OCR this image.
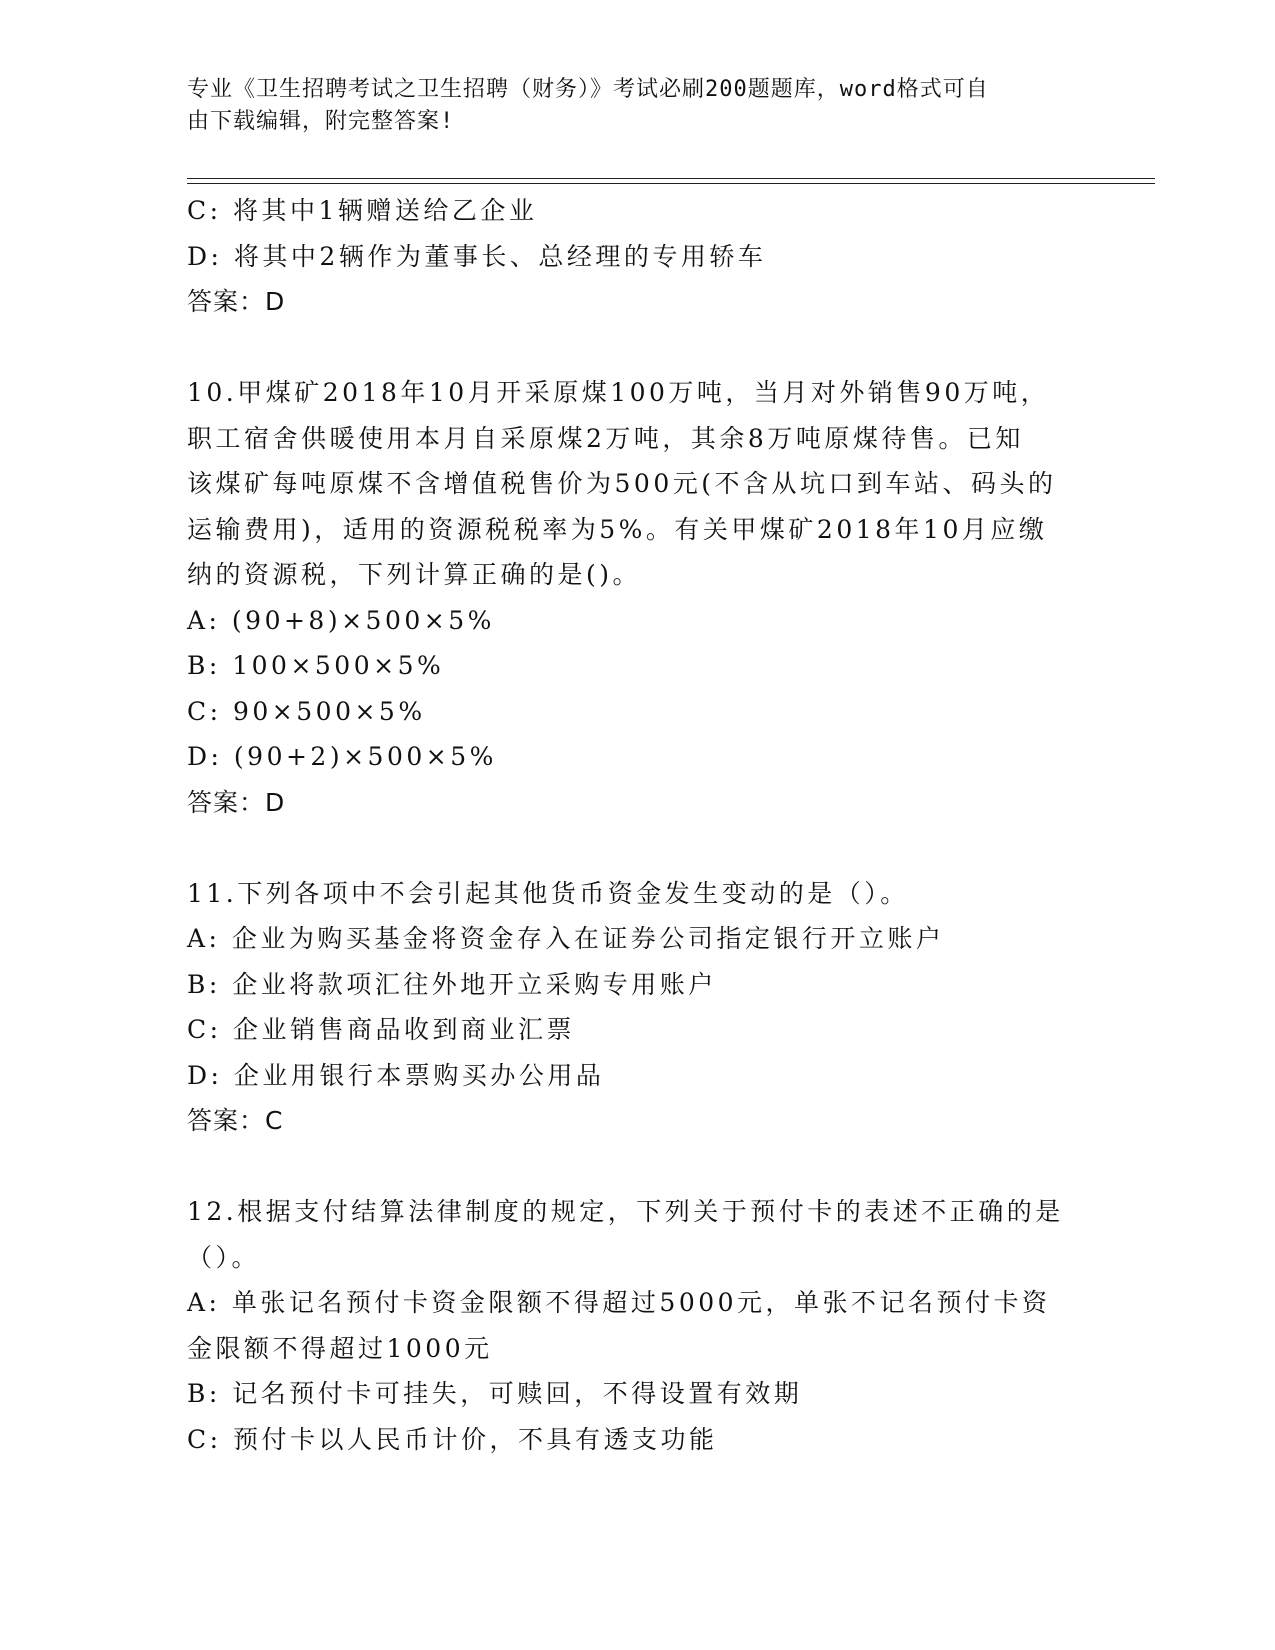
专业《卫生招聘考试之卫生招聘（财务）》考试必刷200题题库，word格式可自
由下载编辑，附完整答案!
C: 将其中1辆赠送给乙企业
D: 将其中2辆作为董事长、总经理的专用轿车
答案：D
10.甲煤矿2018年10月开采原煤100万吨，当月对外销售90万吨，
职工宿舍供暖使用本月自采原煤2万吨，其余8万吨原煤待售。已知
该煤矿每吨原煤不含增值税售价为500元(不含从坑口到车站、码头的
运输费用)，适用的资源税税率为5%。有关甲煤矿2018年10月应缴
纳的资源税，下列计算正确的是()。
A: (90+8)×500×5%
B: 100×500×5%
C: 90×500×5%
D: (90+2)×500×5%
答案：D
11.下列各项中不会引起其他货币资金发生变动的是（）。
A: 企业为购买基金将资金存入在证券公司指定银行开立账户
B: 企业将款项汇往外地开立采购专用账户
C: 企业销售商品收到商业汇票
D: 企业用银行本票购买办公用品
答案：C
12.根据支付结算法律制度的规定，下列关于预付卡的表述不正确的是
（）。
A: 单张记名预付卡资金限额不得超过5000元，单张不记名预付卡资
金限额不得超过1000元
B: 记名预付卡可挂失，可赎回，不得设置有效期
C: 预付卡以人民币计价，不具有透支功能
